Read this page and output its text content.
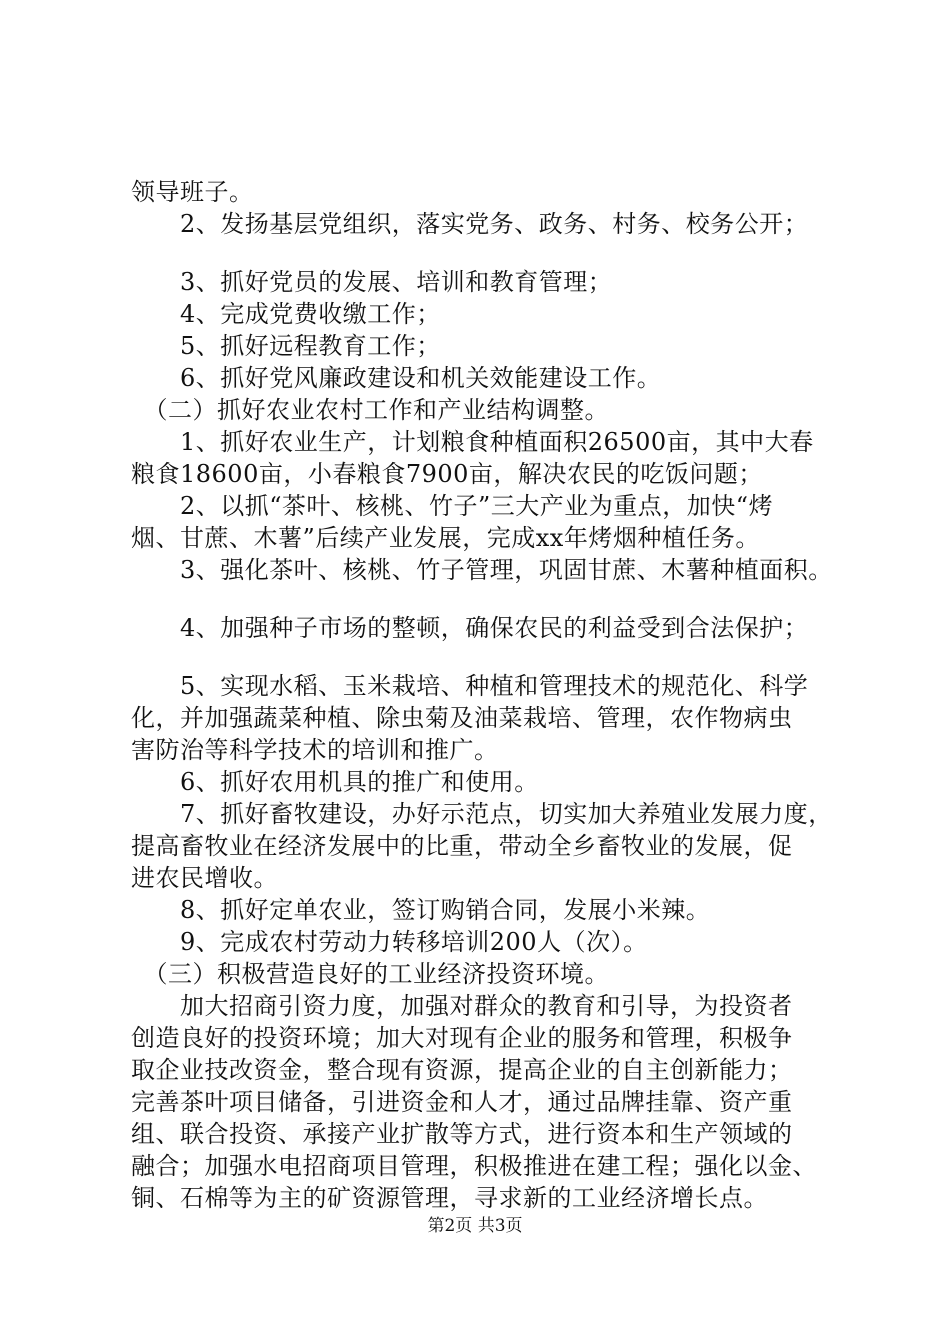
领导班子。
　　2、发扬基层党组织，落实党务、政务、村务、校务公开；
　　3、抓好党员的发展、培训和教育管理；
　　4、完成党费收缴工作；
　　5、抓好远程教育工作；
　　6、抓好党风廉政建设和机关效能建设工作。
　（二）抓好农业农村工作和产业结构调整。
　　1、抓好农业生产，计划粮食种植面积26500亩，其中大春
粮食18600亩，小春粮食7900亩，解决农民的吃饭问题；
　　2、以抓“茶叶、核桃、竹子”三大产业为重点，加快“烤
烟、甘蔗、木薯”后续产业发展，完成xx年烤烟种植任务。
　　3、强化茶叶、核桃、竹子管理，巩固甘蔗、木薯种植面积。
　　4、加强种子市场的整顿，确保农民的利益受到合法保护；
　　5、实现水稻、玉米栽培、种植和管理技术的规范化、科学
化，并加强蔬菜种植、除虫菊及油菜栽培、管理，农作物病虫
害防治等科学技术的培训和推广。
　　6、抓好农用机具的推广和使用。
　　7、抓好畜牧建设，办好示范点，切实加大养殖业发展力度，
提高畜牧业在经济发展中的比重，带动全乡畜牧业的发展，促
进农民增收。
　　8、抓好定单农业，签订购销合同，发展小米辣。
　　9、完成农村劳动力转移培训200人（次）。
　（三）积极营造良好的工业经济投资环境。
　　加大招商引资力度，加强对群众的教育和引导，为投资者
创造良好的投资环境；加大对现有企业的服务和管理，积极争
取企业技改资金，整合现有资源，提高企业的自主创新能力；
完善茶叶项目储备，引进资金和人才，通过品牌挂靠、资产重
组、联合投资、承接产业扩散等方式，进行资本和生产领域的
融合；加强水电招商项目管理，积极推进在建工程；强化以金、
铜、石棉等为主的矿资源管理，寻求新的工业经济增长点。
第2页 共3页
